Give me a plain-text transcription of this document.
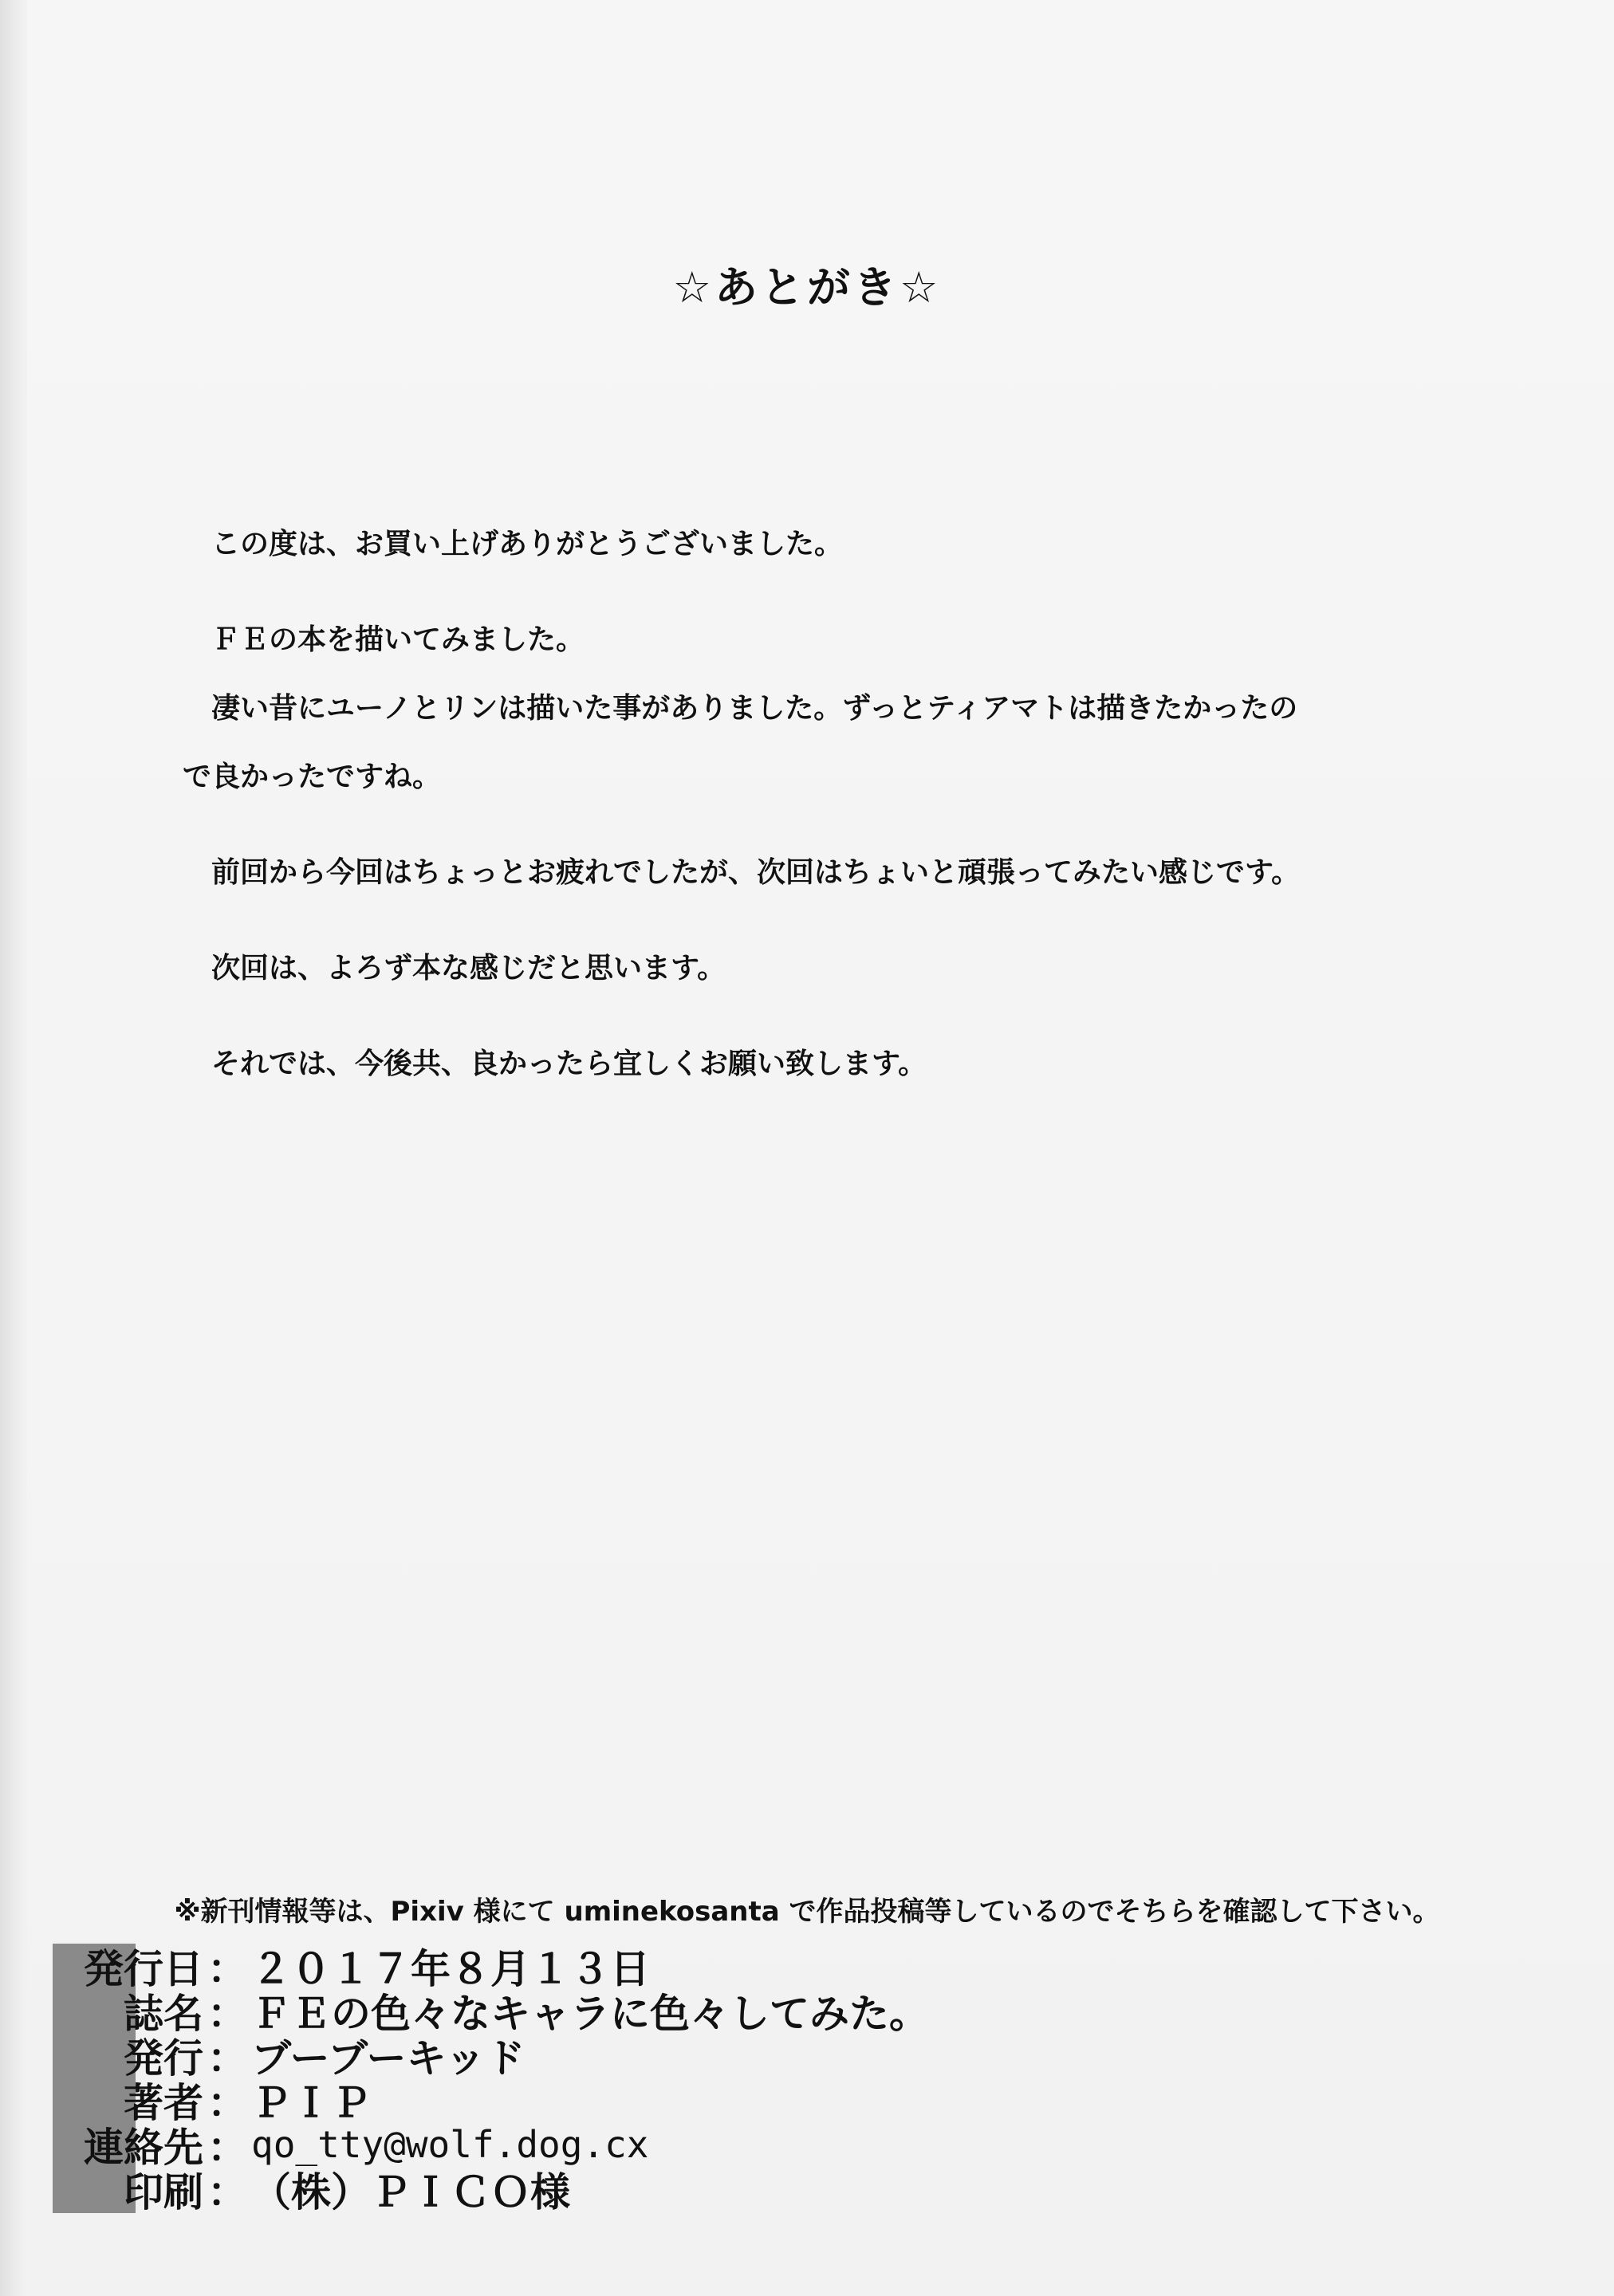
☆あとがき☆
この度は、お買い上げありがとうございました。
ＦＥの本を描いてみました。
凄い昔にユーノとリンは描いた事がありました。ずっとティアマトは描きたかったの
で良かったですね。
前回から今回はちょっとお疲れでしたが、次回はちょいと頑張ってみたい感じです。
次回は、よろず本な感じだと思います。
それでは、今後共、良かったら宜しくお願い致します。
※新刊情報等は、Pixiv 様にて uminekosanta で作品投稿等しているのでそちらを確認して下さい。
発行日 ： ２０１７年８月１３日
誌名 ： ＦＥの色々なキャラに色々してみた。
発行 ： ブーブーキッド
著者 ： ＰＩＰ
連絡先 ： qo_tty@wolf.dog.cx
印刷 ： （株）ＰＩＣＯ様
